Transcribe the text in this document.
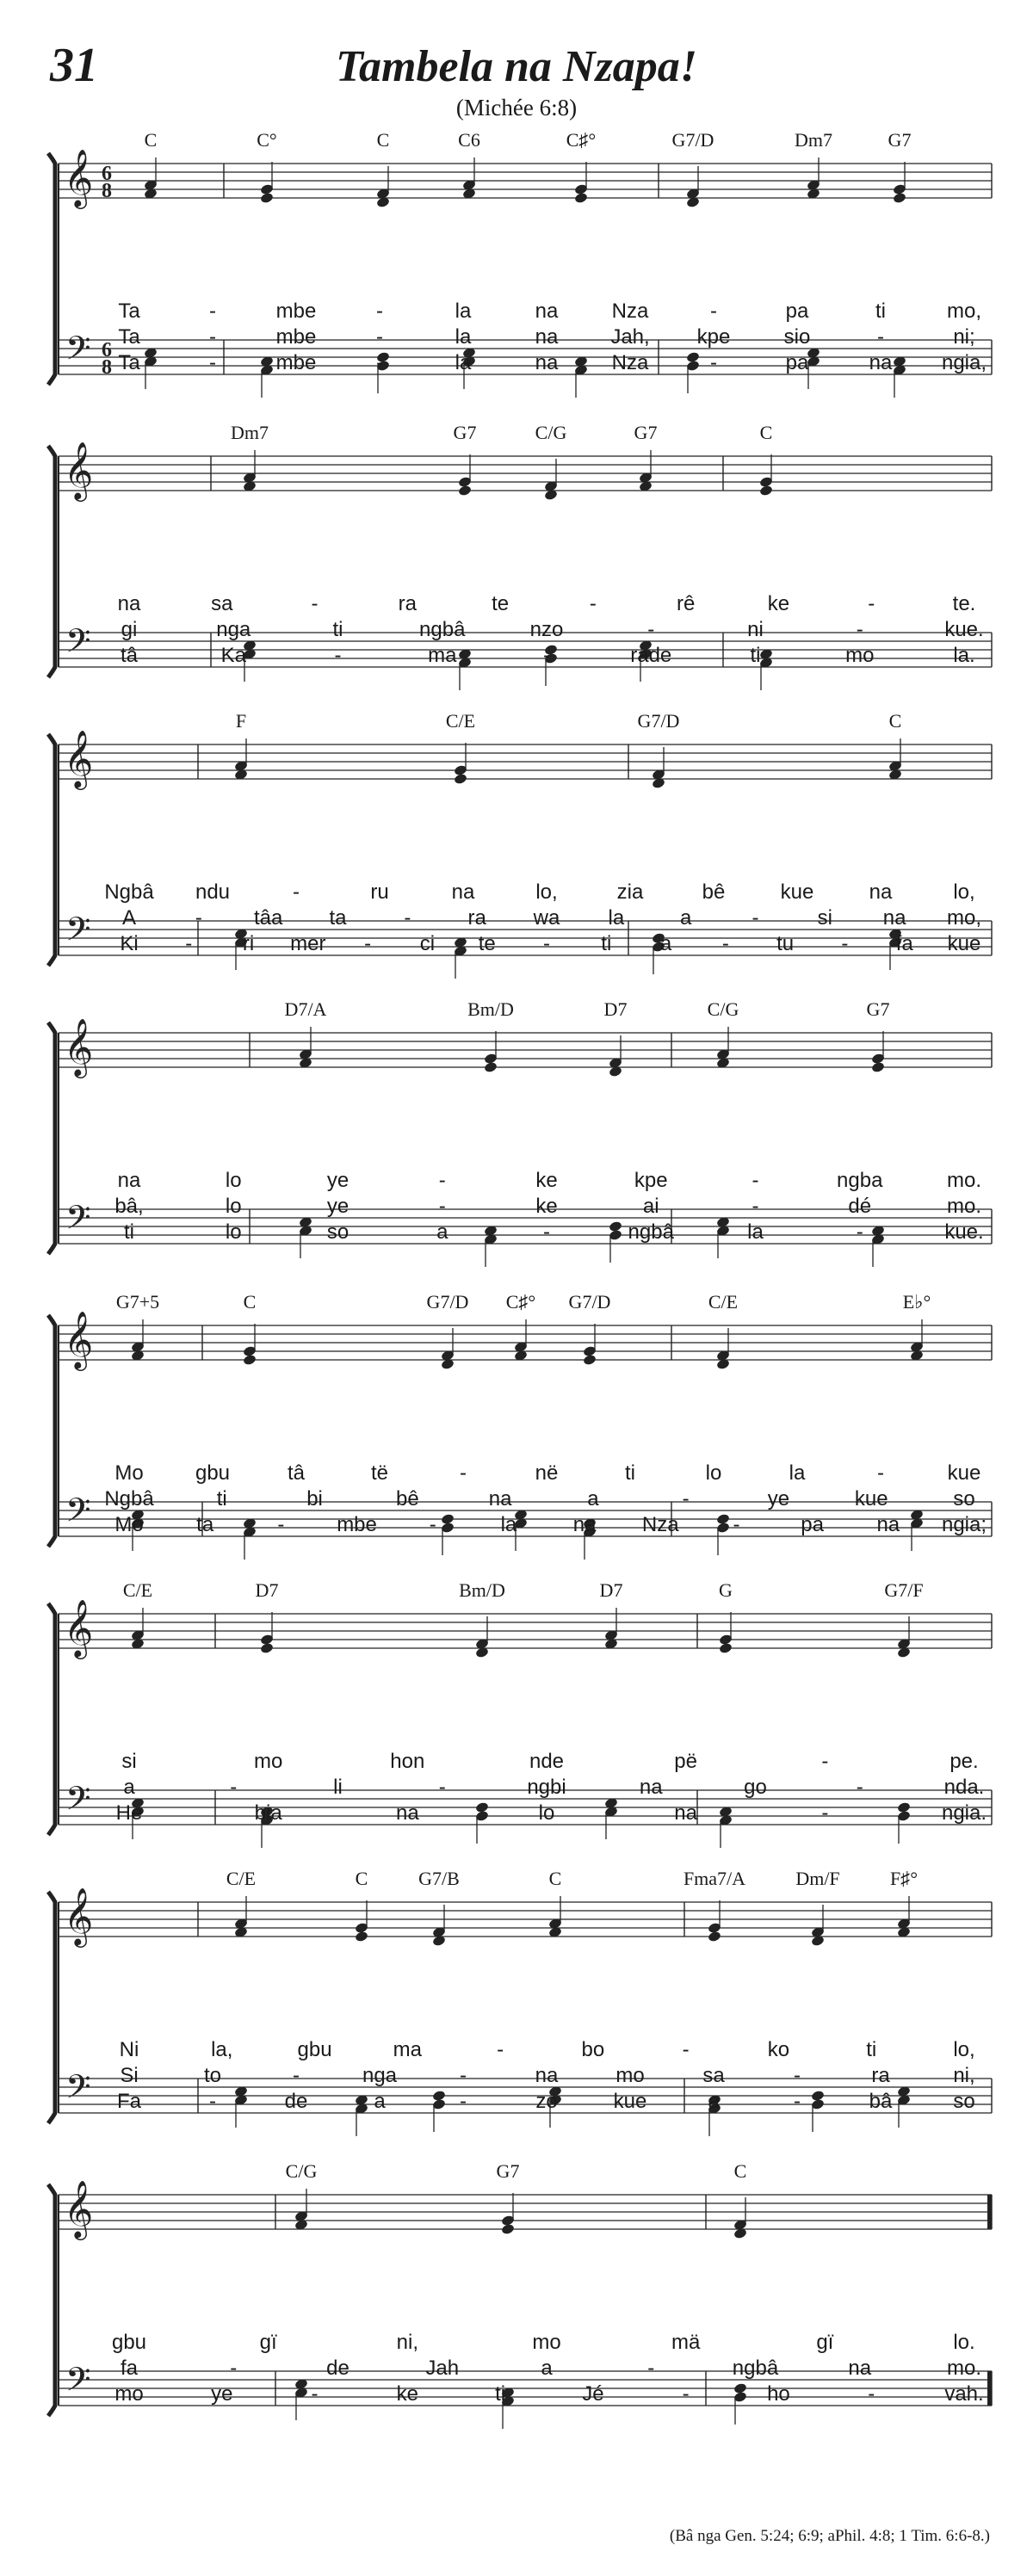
31	Tambela na Nzapa!
(Michée 6:8)
C	C°	C	C6	C♯°	G7/D	Dm7	G7
𝄞
𝄢
6
8
6
8
Ta	-	mbe	-	la	na	Nza	-	pa	ti	mo,
Ta	-	mbe	-	la	na	Jah, kpe	sio	-	ni;
Ta	-	mbe	-	la	na	Nza	-	pa	na ngia,
Dm7	G7	C/G	G7	C
𝄞
𝄢
na	sa	-	ra	te	-	rê	ke	-	te.
gi	nga	ti	ngbâ	nzo	-	ni	-	kue.
tâ	Ka	-	ma	-	rade	ti	mo	la.
F	C/E	G7/D	C
𝄞
𝄢
Ngbâ ndu	-	ru	na	lo,	zia	bê	kue	na	lo,
A	-	tâa ta	-	ra wa la	a	-	si na mo,
Ki - ri mer - ci te - ti a - tu - fa kue
D7/A	Bm/D	D7	C/G	G7
𝄞
𝄢
na	lo	ye	-	ke	kpe	-	ngba	mo.
bâ,	lo	ye	-	ke	ai	-	dé	mo.
ti	lo	so	a	-	ngbâ	la	-	kue.
G7+5	C	G7/D C♯° G7/D	C/E	E♭°
𝄞
𝄢
Mo	gbu	tâ	të	-	në	ti	lo	la	-	kue
Ngbâ	ti	bi	bê	na	a	-	ye	kue	so
Mo	ta	-	mbe	-	la	na Nza	-	pa	na ngia;
C/E	D7	Bm/D	D7	G	G7/F
𝄞
𝄢
si	mo	hon	nde	pë	-	pe.
a	-	li	-	ngbi	na	go	-	nda.
He	bia	na	lo	na	-	ngia.
C/E	C	G7/B	C	Fma7/A	Dm/F	F♯°
𝄞
𝄢
Ni	la,	gbu	ma	-	bo	-	ko	ti	lo,
Si	to	-	nga	-	na	mo	sa	-	ra	ni,
Fa	-	de	a	-	zo	kue	a	-	bâ	so
C/G	G7	C
𝄞
𝄢
gbu	gï	ni,	mo	mä	gï	lo.
fa	-	de	Jah	a	-	ngbâ	na	mo.
mo	ye	-	ke	ti	Jé	-	ho	-	vah.
(Bâ nga Gen. 5:24; 6:9; aPhil. 4:8; 1 Tim. 6:6-8.)
